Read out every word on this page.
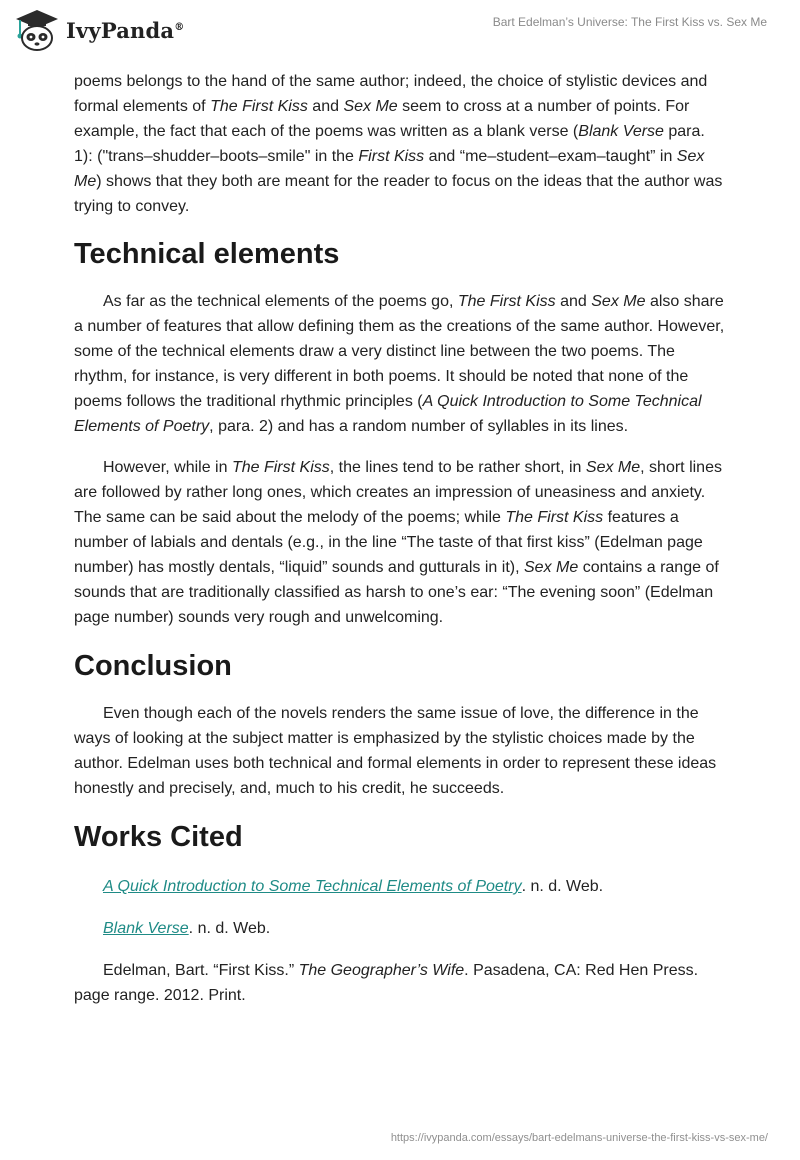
IvyPanda®	Bart Edelman’s Universe: The First Kiss vs. Sex Me

poems belongs to the hand of the same author; indeed, the choice of stylistic devices and formal elements of The First Kiss and Sex Me seem to cross at a number of points. For example, the fact that each of the poems was written as a blank verse (Blank Verse para. 1): ("trans–shudder–boots–smile" in the First Kiss and “me–student–exam–taught” in Sex Me) shows that they both are meant for the reader to focus on the ideas that the author was trying to convey.

Technical elements

As far as the technical elements of the poems go, The First Kiss and Sex Me also share a number of features that allow defining them as the creations of the same author. However, some of the technical elements draw a very distinct line between the two poems. The rhythm, for instance, is very different in both poems. It should be noted that none of the poems follows the traditional rhythmic principles (A Quick Introduction to Some Technical Elements of Poetry, para. 2) and has a random number of syllables in its lines.

However, while in The First Kiss, the lines tend to be rather short, in Sex Me, short lines are followed by rather long ones, which creates an impression of uneasiness and anxiety. The same can be said about the melody of the poems; while The First Kiss features a number of labials and dentals (e.g., in the line “The taste of that first kiss” (Edelman page number) has mostly dentals, “liquid” sounds and gutturals in it), Sex Me contains a range of sounds that are traditionally classified as harsh to one’s ear: “The evening soon” (Edelman page number) sounds very rough and unwelcoming.

Conclusion

Even though each of the novels renders the same issue of love, the difference in the ways of looking at the subject matter is emphasized by the stylistic choices made by the author. Edelman uses both technical and formal elements in order to represent these ideas honestly and precisely, and, much to his credit, he succeeds.

Works Cited

A Quick Introduction to Some Technical Elements of Poetry. n. d. Web.

Blank Verse. n. d. Web.

Edelman, Bart. “First Kiss.” The Geographer’s Wife. Pasadena, CA: Red Hen Press. page range. 2012. Print.

https://ivypanda.com/essays/bart-edelmans-universe-the-first-kiss-vs-sex-me/
